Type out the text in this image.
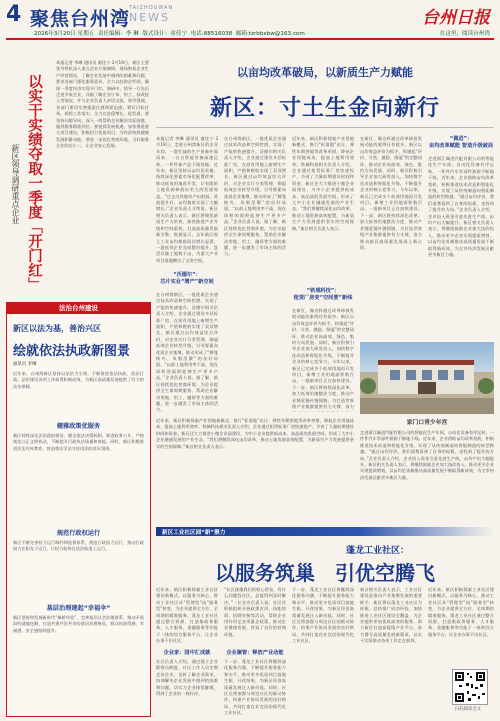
4 聚焦台州湾
TAIZHOUWAN
NEWS	台州日报
2026年3月20日 星期五 责任编辑：李 琳 版式设计：童佳宁 电话:88516038 邮箱:tzrbbxbw@163.com	在这里，阅读台州湾
以实干实绩夺取一季度「开门红」
新区领导调研重点企业
本报记者 李琳 通讯员 童佳宁 3月19日，新区主要领导带队深入重点企业开展调研，现场察看企业生产经营情况，了解企业发展中遇到的困难和问题，要求各部门强化服务意识，全力以赴助企纾困，确保一季度经济实现开门红。调研中，领导一行先后走进多家企业，详细了解企业订单、用工、技改投入等情况，并与企业负责人亲切交流。领导强调，各部门要切实增强责任感和紧迫感，紧盯目标任务，狠抓工作落实，全力以赴稳增长、促发展。要坚持问题导向，深入一线帮助企业解决实际困难，做到服务精准到位。要抢抓发展机遇，加快推进重大项目建设，积极招引优质项目，为经济持续健康发展积蓄动能。要进一步优化营商环境，当好服务企业的店小二，让企业安心发展。
法治台州建设
新区以法为基，善治兴区
绘就依法执政新图景
通讯员 李琳
近年来，台州湾新区坚持以法治为引领，不断推进依法执政、依法行政，法治建设各项工作取得积极成效，为新区高质量发展提供了有力的法治保障。
健雅政策优服务
新区持续深化法治政府建设，健全依法决策机制，推进政务公开，严格规范公正文明执法，不断提升行政执法质量和效能。同时，新区积极推进法治宣传教育，营造尊法学法守法用法的良好氛围。
规范行政权运行
新区不断完善权力运行制约和监督体系，规范行政权力运行，推动行政权力在阳光下运行，让权力始终在法治轨道上运行。
基层治理建起“幸福伞”
新区坚持和发展新时代“枫桥经验”，完善基层社会治理体系，推动矛盾纠纷就地化解，打造共建共治共享的基层治理格局，群众的获得感、幸福感、安全感持续提升。
以亩均改革破局，以新质生产力赋能
新区：寸土生金向新行
本报记者 李琳 通讯员 童佳宁 3月19日，走进台州湾新区的企业车间，一派忙碌的生产景象扑面而来。一台台智能设备高速运转，一件件新产品下线装箱。近年来，新区坚持以亩均论英雄，持续深化要素市场化配置改革，推动低效用地再开发，让有限的土地资源释放出更大的发展效益。“过去这块地块产出很低，改造提升后，亩均税收实现了大幅增长。”企业负责人介绍说。新区相关负责人表示，新区将聚焦新质生产力培育，加快推进产业升级和空间重构，打造高质量发展新引擎。数据显示，去年新区规上工业亩均税收同比增长显著，一批低效企业完成整治提升，盘活存量土地数千亩，为重大产业项目落地腾出了宝贵空间。
“沃德尔”：
芯片实业“增产”新空间
在台州湾新区，一批优质企业通过技术改造和空间挖潜，实现了产能的快速提升。沃德尔相关负责人介绍，企业通过建设多层标准厂房，在原有用地上新增生产面积，产值和税收实现了双双增长。新区通过亩均效益综合评价，对企业实行分类管理，倒逼低效企业转型升级，引导要素向优质企业集聚，推动形成了“腾笼换鸟、凤凰涅槃”的良好局面。“以前土地利用率不高，现在同样的面积能够生产更多产品。”企业负责人说。据了解，新区持续优化营商环境，为企业提供全生命周期服务，帮助企业解决用地、用工、融资等方面的难题，进一步激发了市场主体的活力。
在台州湾新区，一批优质企业通过技术改造和空间挖潜，实现了产能的快速提升。沃德尔相关负责人介绍，企业通过建设多层标准厂房，在原有用地上新增生产面积，产值和税收实现了双双增长。新区通过亩均效益综合评价，对企业实行分类管理，倒逼低效企业转型升级，引导要素向优质企业集聚，推动形成了“腾笼换鸟、凤凰涅槃”的良好局面。“以前土地利用率不高，现在同样的面积能够生产更多产品。”企业负责人说。据了解，新区持续优化营商环境，为企业提供全生命周期服务，帮助企业解决用地、用工、融资等方面的难题，进一步激发了市场主体的活力。
近年来，新区积极探索产业用地新模式，推行“标准地”出让、弹性年期供地等改革举措，降低企业用地成本，提高土地利用效率。铁城科技相关负责人介绍，企业通过租赁标准厂房快速投产，节省了大量前期建设时间和资金。新区还大力推进小微企业园建设，为中小企业提供低成本、高品质的发展空间，形成了大中小企业融通发展的产业生态。“我们将继续深化亩均改革，推动土地资源高效配置，为新质生产力发展提供坚实的空间保障。”新区相关负责人表示。
“铁城科技”：
租赁厂房变“空间要”新线
在新区，像这样通过改革释放发展动能的案例还有很多。新区以亩均效益评价为抓手，构建起“评价、分类、激励、倒逼”的完整闭环，推动企业向高效、绿色、集约方向发展。同时，新区积极引导企业加大研发投入，加快数字化改造和智能化升级，不断提升企业的核心竞争力。今年以来，新区已完成多个低效用地再开发项目，新增工业用地面积数百亩，一批新项目正在加快建设。下一步，新区将持续深化改革，加大低效用地整治力度，推动产业链延链补链强链，为打造世界级产业集群提供有力支撑，奋力
在新区，像这样通过改革释放发展动能的案例还有很多。新区以亩均效益评价为抓手，构建起“评价、分类、激励、倒逼”的完整闭环，推动企业向高效、绿色、集约方向发展。同时，新区积极引导企业加大研发投入，加快数字化改造和智能化升级，不断提升企业的核心竞争力。今年以来，新区已完成多个低效用地再开发项目，新增工业用地面积数百亩，一批新项目正在加快建设。下一步，新区将持续深化改革，加大低效用地整治力度，推动产业链延链补链强链，为打造世界级产业集群提供有力支撑，奋力推动新区高质量发展再上新台阶。
“佩进”：
亩均改革赋能 智造升级破局
走进浙江佩进汽配有限公司的智能化生产车间，自动化设备有序运转，一件件汽车零部件源源不断地下线。近年来，企业借助亩均改革契机，积极推进技术改造和智能化升级，实现了从传统制造向智能制造的转型跨越。“通过亩均评价，我们清楚看到了自身的短板，也找到了提升的方向。”企业负责人介绍，企业投入资金引进先进生产线，亩均产出大幅提升。新区相关负责人表示，将继续鼓励企业加大技改投入，推动更多企业实现提质增效，以亩均论英雄推动高质量发展不断取得新成效，为全市经济发展贡献更多新区力量。
家门口青少年宫
走进浙江佩进汽配有限公司的智能化生产车间，自动化设备有序运转，一件件汽车零部件源源不断地下线。近年来，企业借助亩均改革契机，积极推进技术改造和智能化升级，实现了从传统制造向智能制造的转型跨越。“通过亩均评价，我们清楚看到了自身的短板，也找到了提升的方向。”企业负责人介绍，企业投入资金引进先进生产线，亩均产出大幅提升。新区相关负责人表示，将继续鼓励企业加大技改投入，推动更多企业实现提质增效，以亩均论英雄推动高质量发展不断取得新成效，为全市经济发展贡献更多新区力量。
近年来，新区积极探索产业用地新模式，推行“标准地”出让、弹性年期供地等改革举措，降低企业用地成本，提高土地利用效率。铁城科技相关负责人介绍，企业通过租赁标准厂房快速投产，节省了大量前期建设时间和资金。新区还大力推进小微企业园建设，为中小企业提供低成本、高品质的发展空间，形成了大中小企业融通发展的产业生态。“我们将继续深化亩均改革，推动土地资源高效配置，为新质生产力发展提供坚实的空间保障。”新区相关负责人表示。
新区工业社区园“新”聚力
蓬龙工业社区：
以服务筑巢　引优空腾飞
近年来，新区积极探索工业社区建设新模式，以服务为核心，推动工业社区从“管理型”向“服务型”转变，为企业提供全方位、全周期的精准服务。蓬龙工业社区通过整合资源，打造集政务服务、人才服务、金融服务等功能于一体的综合服务平台，让企业办事不出社区。
企业家：园中汇成就
社区负责人介绍，通过建立企业联络员制度，社区工作人员定期走访企业，及时了解企业需求，协调解决企业发展中遇到的困难和问题，切实为企业排忧解难，得到了企业的一致好评。
“社区就像我们的贴心管家，有什么问题找社区，总能得到及时解决。”一位企业负责人说。社区还积极组织开展政策宣讲、技能培训、招聘对接等活动，帮助企业用好用足各项惠企政策，推动企业健康发展，营造了良好的营商环境。
企业聚智：释放产业动能
下一步，蓬龙工业社区将继续深化服务内涵，不断提升服务能力和水平，推动更多优质项目落地生根、开花结果，为新区经济高质量发展注入新动能。同时，社区还将加强与周边社区的联动协作，构建产业协同发展的良好格局，共同打造宜业宜居的现代化工业社区。
下一步，蓬龙工业社区将继续深化服务内涵，不断提升服务能力和水平，推动更多优质项目落地生根、开花结果，为新区经济高质量发展注入新动能。同时，社区还将加强与周边社区的联动协作，构建产业协同发展的良好格局，共同打造宜业宜居的现代化工业社区。
新区相关负责人表示，工业社区建设是推动产业集聚发展的重要抓手。新区将以蓬龙工业社区为样板，总结推广成功经验，加快推进工业社区建设全覆盖，为企业提供更加优质高效的服务，助力新区打造高能级产业平台，奋力谱写高质量发展新篇章，以实干实绩推动各项工作走在前列。
近年来，新区积极探索工业社区建设新模式，以服务为核心，推动工业社区从“管理型”向“服务型”转变，为企业提供全方位、全周期的精准服务。蓬龙工业社区通过整合资源，打造集政务服务、人才服务、金融服务等功能于一体的综合服务平台，让企业办事不出社区。
扫码阅读全文
